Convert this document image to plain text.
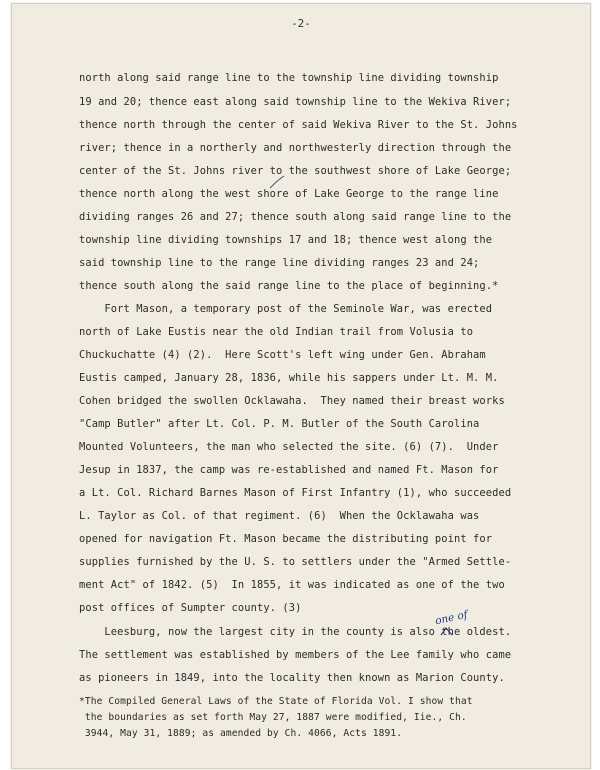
-2-

north along said range line to the township line dividing township

19 and 20; thence east along said township line to the Wekiva River;

thence north through the center of said Wekiva River to the St. Johns

river; thence in a northerly and northwesterly direction through the

center of the St. Johns river to the southwest shore of Lake George;

thence north along the west shore of Lake George to the range line

dividing ranges 26 and 27; thence south along said range line to the

township line dividing townships 17 and 18; thence west along the

said township line to the range line dividing ranges 23 and 24;

thence south along the said range line to the place of beginning.*

Fort Mason, a temporary post of the Seminole War, was erected

north of Lake Eustis near the old Indian trail from Volusia to

Chuckuchatte (4) (2).  Here Scott's left wing under Gen. Abraham

Eustis camped, January 28, 1836, while his sappers under Lt. M. M.

Cohen bridged the swollen Ocklawaha.  They named their breast works

"Camp Butler" after Lt. Col. P. M. Butler of the South Carolina

Mounted Volunteers, the man who selected the site. (6) (7).  Under

Jesup in 1837, the camp was re-established and named Ft. Mason for

a Lt. Col. Richard Barnes Mason of First Infantry (1), who succeeded

L. Taylor as Col. of that regiment. (6)  When the Ocklawaha was

opened for navigation Ft. Mason became the distributing point for

supplies furnished by the U. S. to settlers under the "Armed Settle-

ment Act" of 1842. (5)  In 1855, it was indicated as one of the two

post offices of Sumpter county. (3)

one of

Leesburg, now the largest city in the county is also the oldest.

The settlement was established by members of the Lee family who came

as pioneers in 1849, into the locality then known as Marion County.

*The Compiled General Laws of the State of Florida Vol. I show that

the boundaries as set forth May 27, 1887 were modified, Iie., Ch.

3944, May 31, 1889; as amended by Ch. 4066, Acts 1891.
